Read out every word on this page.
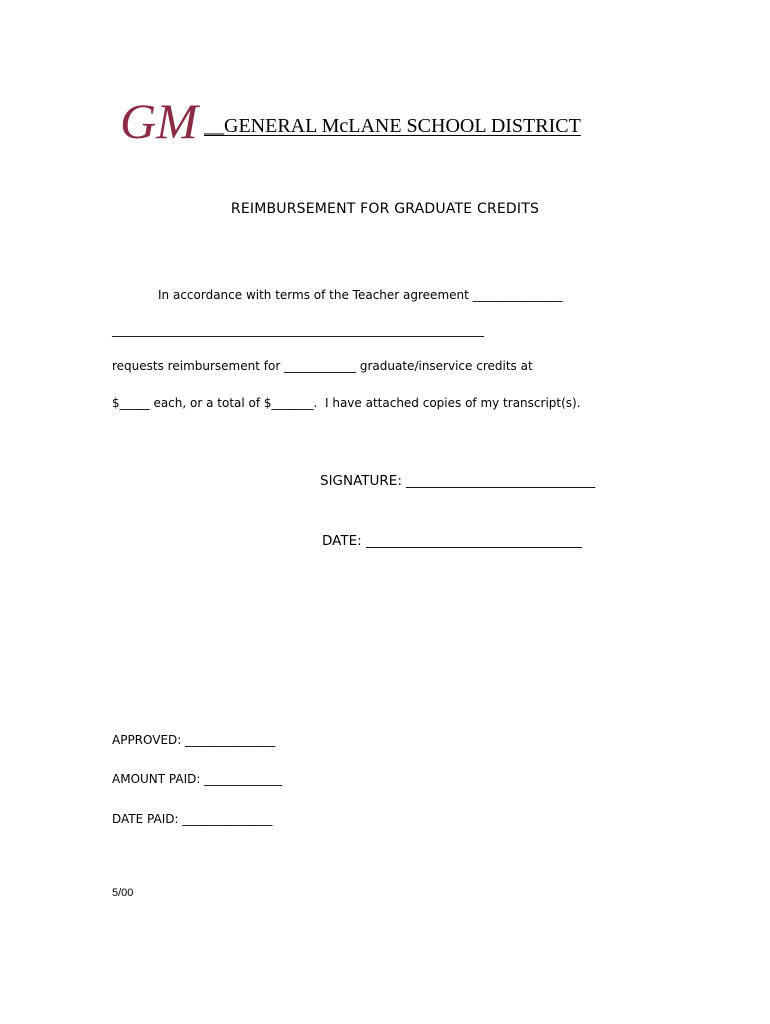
GM __GENERAL McLANE SCHOOL DISTRICT
REIMBURSEMENT FOR GRADUATE CREDITS
In accordance with terms of the Teacher agreement _______________
______________________________________________________________
requests reimbursement for ____________ graduate/inservice credits at
$_____ each, or a total of $_______.  I have attached copies of my transcript(s).
SIGNATURE: ____________________________
DATE: ________________________________
APPROVED: _______________
AMOUNT PAID: _____________
DATE PAID: _______________
5/00
